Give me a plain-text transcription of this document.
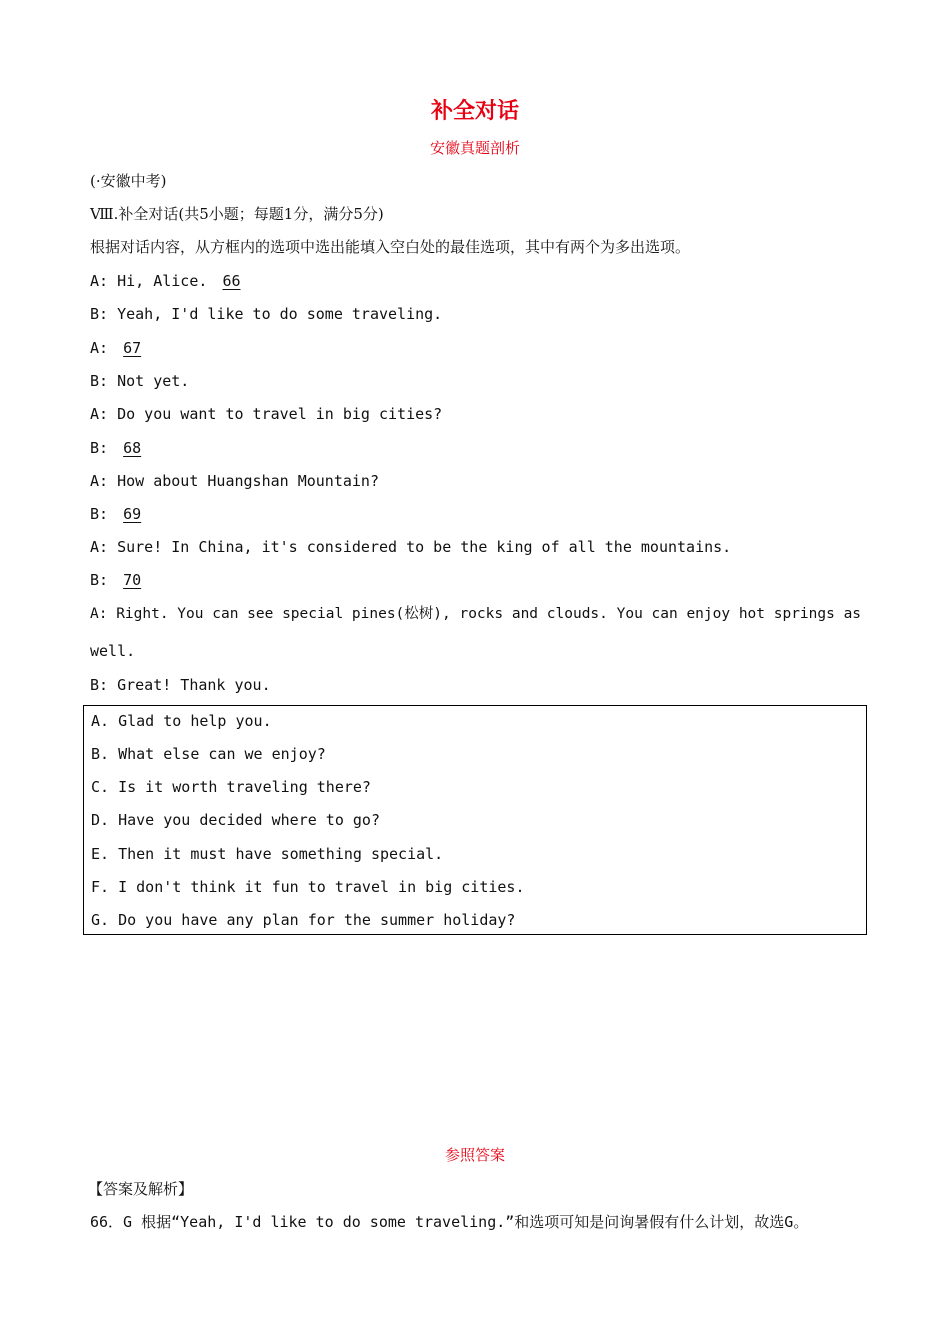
补全对话
安徽真题剖析
(·安徽中考)
Ⅷ.补全对话(共5小题；每题1分，满分5分)
根据对话内容，从方框内的选项中选出能填入空白处的最佳选项，其中有两个为多出选项。
A: Hi, Alice. 66
B: Yeah, I'd like to do some traveling.
A: 67
B: Not yet.
A: Do you want to travel in big cities?
B: 68
A: How about Huangshan Mountain?
B: 69
A: Sure! In China, it's considered to be the king of all the mountains.
B: 70
A: Right. You can see special pines(松树), rocks and clouds. You can enjoy hot springs as
well.
B: Great! Thank you.
A. Glad to help you.
B. What else can we enjoy?
C. Is it worth traveling there?
D. Have you decided where to go?
E. Then it must have something special.
F. I don't think it fun to travel in big cities.
G. Do you have any plan for the summer holiday?
参照答案
【答案及解析】
66．G 根据“Yeah, I'd like to do some traveling.”和选项可知是问询暑假有什么计划，故选G。
